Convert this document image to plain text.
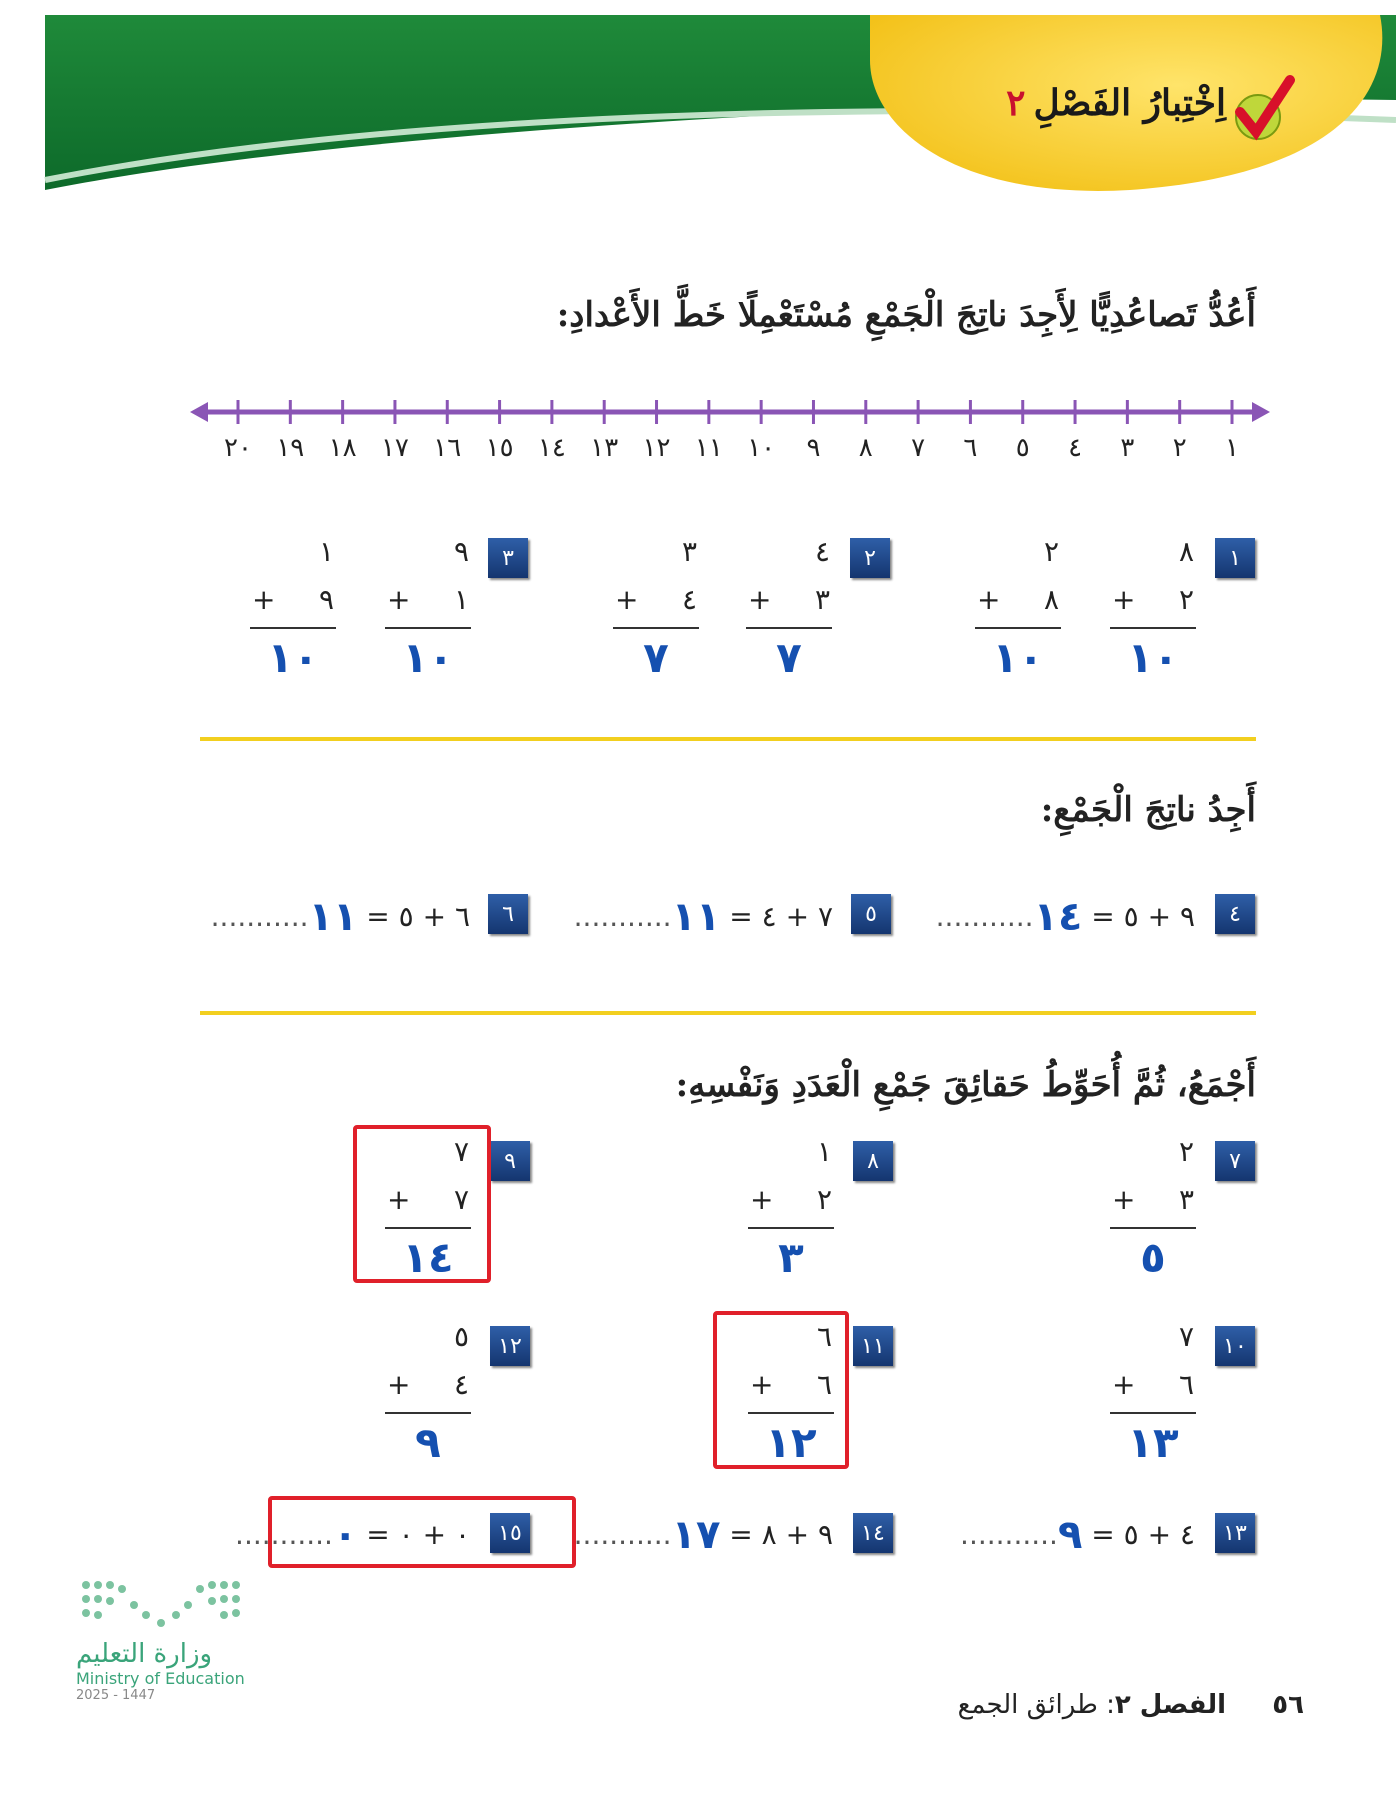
اِخْتِبارُ الفَصْلِ٢
أَعُدُّ تَصاعُدِيًّا لِأَجِدَ ناتِجَ الْجَمْعِ مُسْتَعْمِلًا خَطَّ الأَعْدادِ:
١
٢
٣
٤
٥
٦
٧
٨
٩
١٠
١١
١٢
١٣
١٤
١٥
١٦
١٧
١٨
١٩
٢٠
١
٨
٢
+
١٠
٢
٨
+
١٠
٢
٤
٣
+
٧
٣
٤
+
٧
٣
٩
١
+
١٠
١
٩
+
١٠
أَجِدُ ناتِجَ الْجَمْعِ:
٤
٩ + ٥ = ١٤...........
٥
٧ + ٤ = ١١...........
٦
٦ + ٥ = ١١...........
أَجْمَعُ، ثُمَّ أُحَوِّطُ حَقائِقَ جَمْعِ الْعَدَدِ وَنَفْسِهِ:
٧
٢
٣
+
٥
٨
١
٢
+
٣
٩
٧
٧
+
١٤
١٠
٧
٦
+
١٣
١١
٦
٦
+
١٢
١٢
٥
٤
+
٩
١٣
٤ + ٥ = ٩...........
١٤
٩ + ٨ = ١٧...........
١٥
٠ + ٠ = ٠...........
وزارة التعليم
Ministry of Education
2025 - 1447	٥٦
الفصل ٢: طرائق الجمع
